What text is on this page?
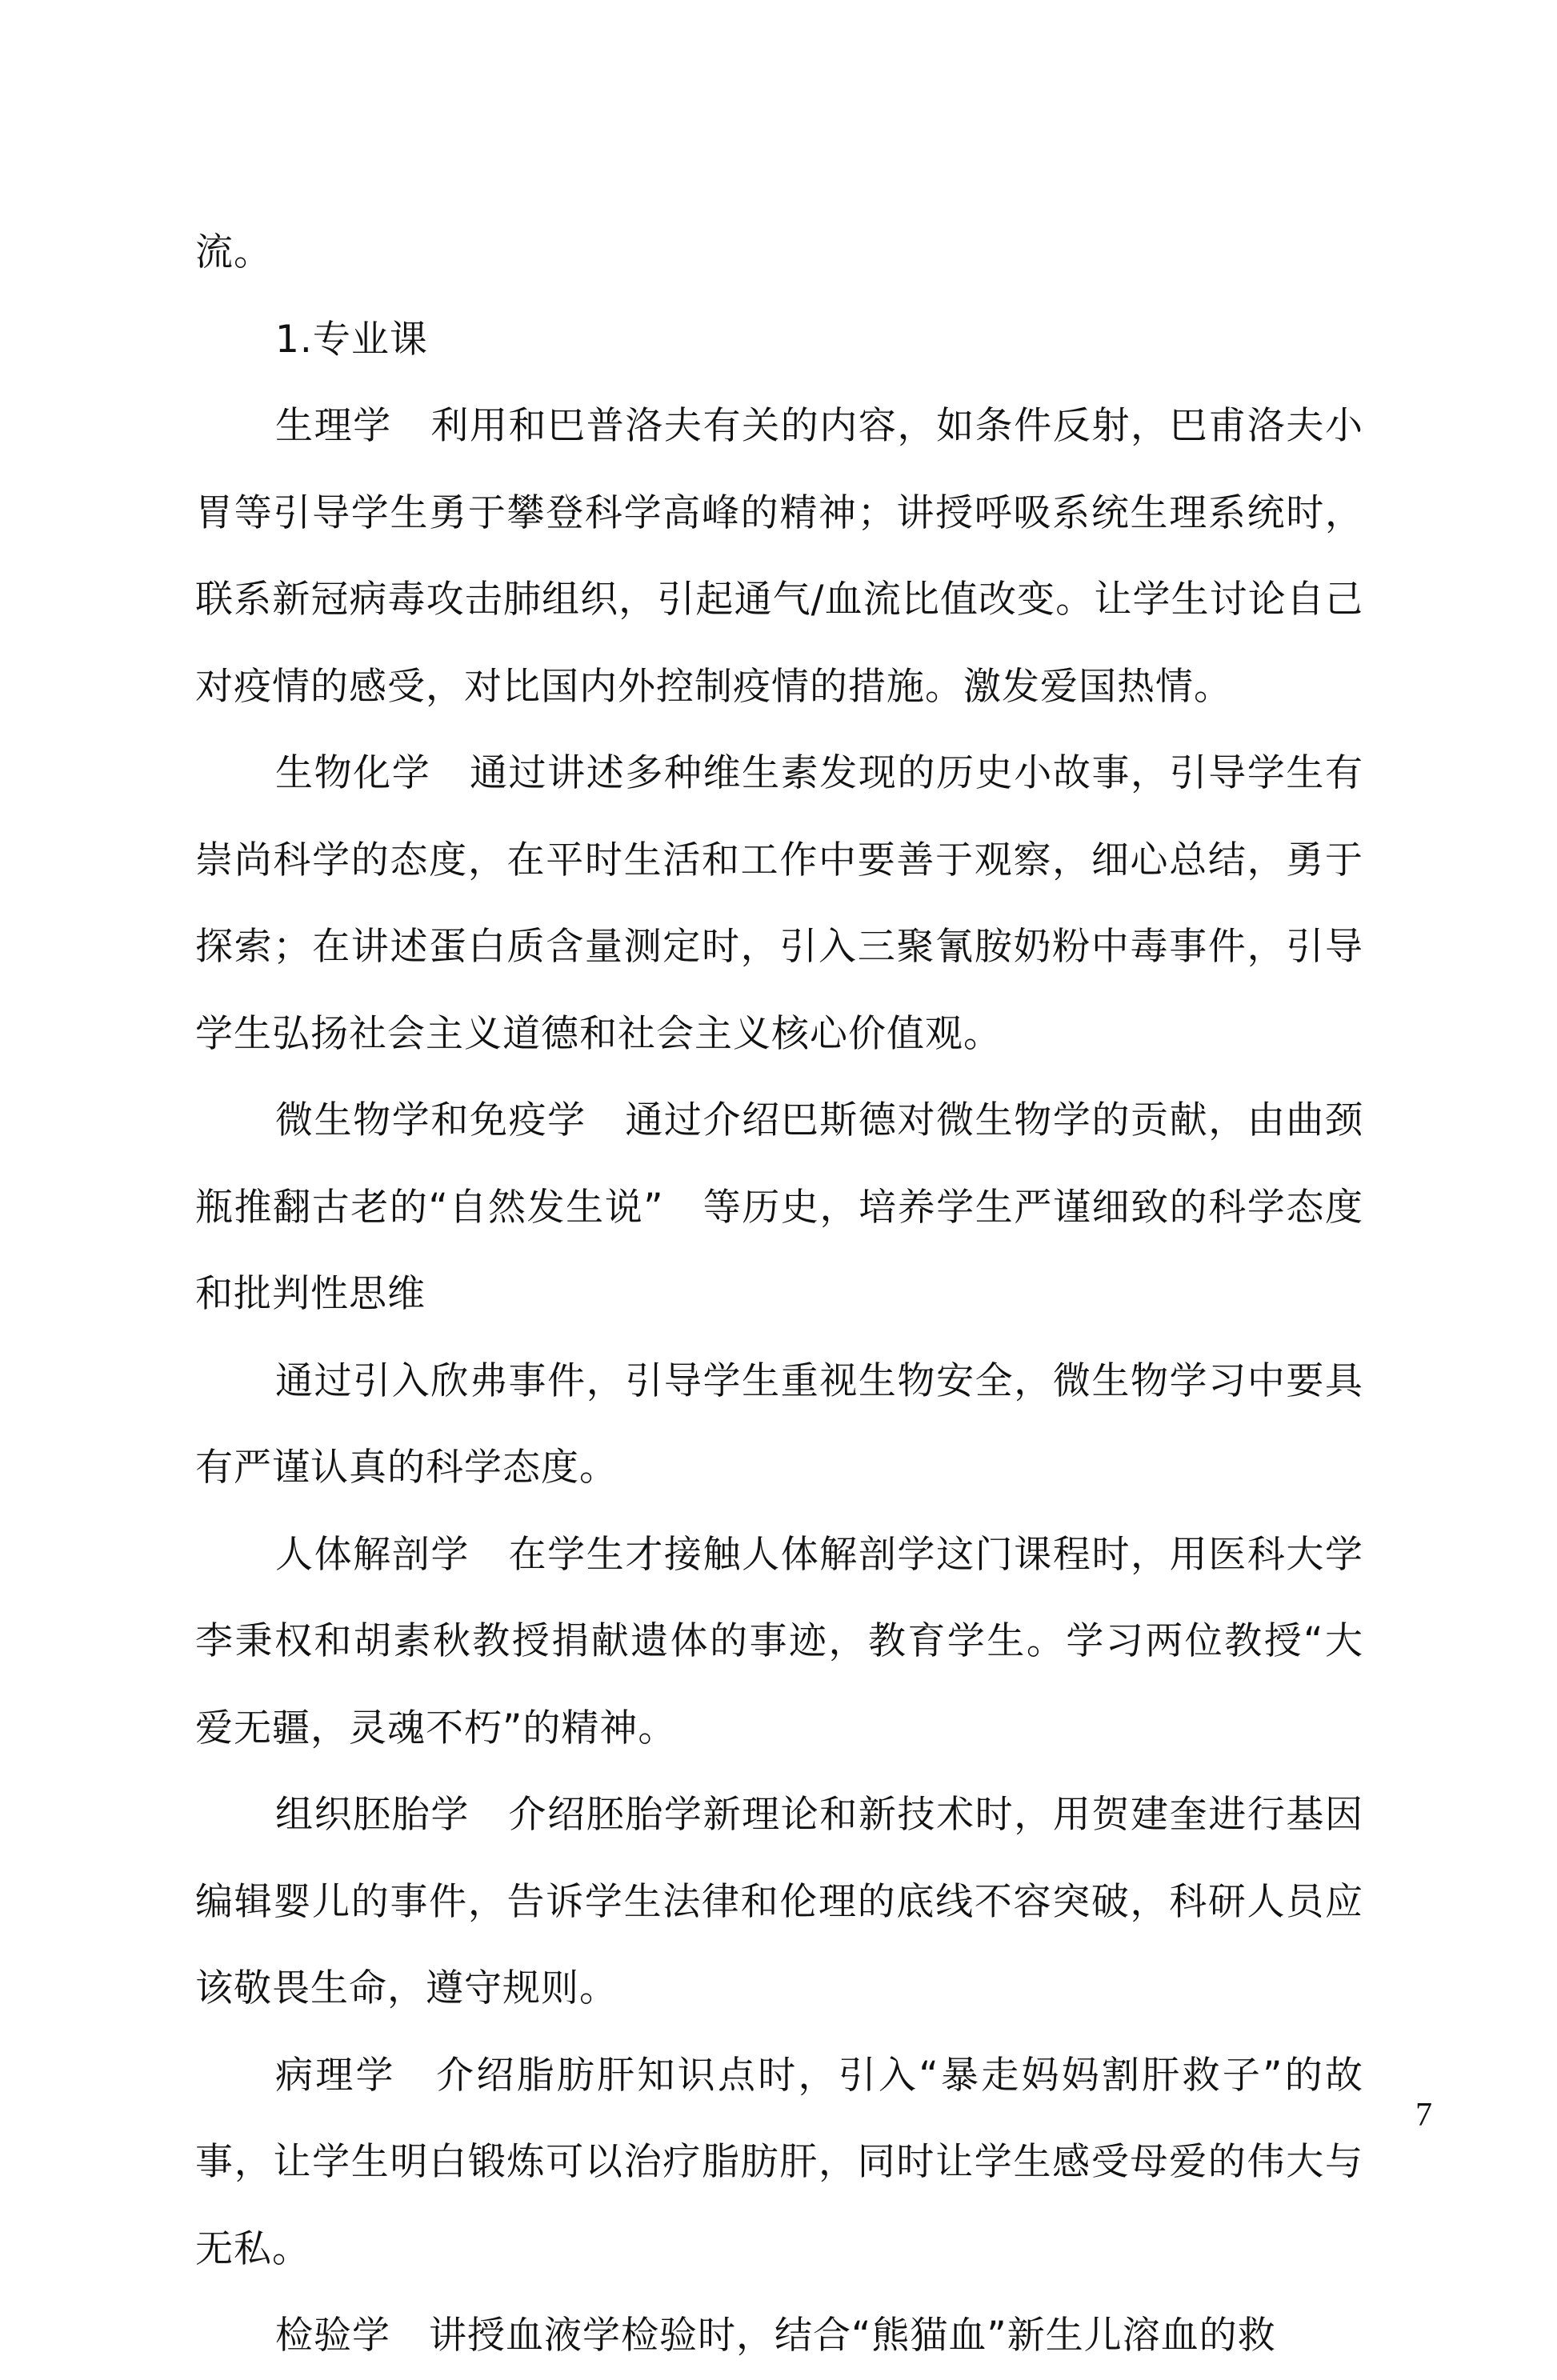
流。

1.专业课

生理学　利用和巴普洛夫有关的内容，如条件反射，巴甫洛夫小胃等引导学生勇于攀登科学高峰的精神；讲授呼吸系统生理系统时，联系新冠病毒攻击肺组织，引起通气/血流比值改变。让学生讨论自己对疫情的感受，对比国内外控制疫情的措施。激发爱国热情。

生物化学　通过讲述多种维生素发现的历史小故事，引导学生有崇尚科学的态度，在平时生活和工作中要善于观察，细心总结，勇于探索；在讲述蛋白质含量测定时，引入三聚氰胺奶粉中毒事件，引导学生弘扬社会主义道德和社会主义核心价值观。

微生物学和免疫学　通过介绍巴斯德对微生物学的贡献，由曲颈瓶推翻古老的“自然发生说”　等历史，培养学生严谨细致的科学态度和批判性思维

通过引入欣弗事件，引导学生重视生物安全，微生物学习中要具有严谨认真的科学态度。

人体解剖学　在学生才接触人体解剖学这门课程时，用医科大学李秉权和胡素秋教授捐献遗体的事迹，教育学生。学习两位教授“大爱无疆，灵魂不朽”的精神。

组织胚胎学　介绍胚胎学新理论和新技术时，用贺建奎进行基因编辑婴儿的事件，告诉学生法律和伦理的底线不容突破，科研人员应该敬畏生命，遵守规则。

病理学　介绍脂肪肝知识点时，引入“暴走妈妈割肝救子”的故事，让学生明白锻炼可以治疗脂肪肝，同时让学生感受母爱的伟大与无私。

检验学　讲授血液学检验时，结合“熊猫血”新生儿溶血的救

7
